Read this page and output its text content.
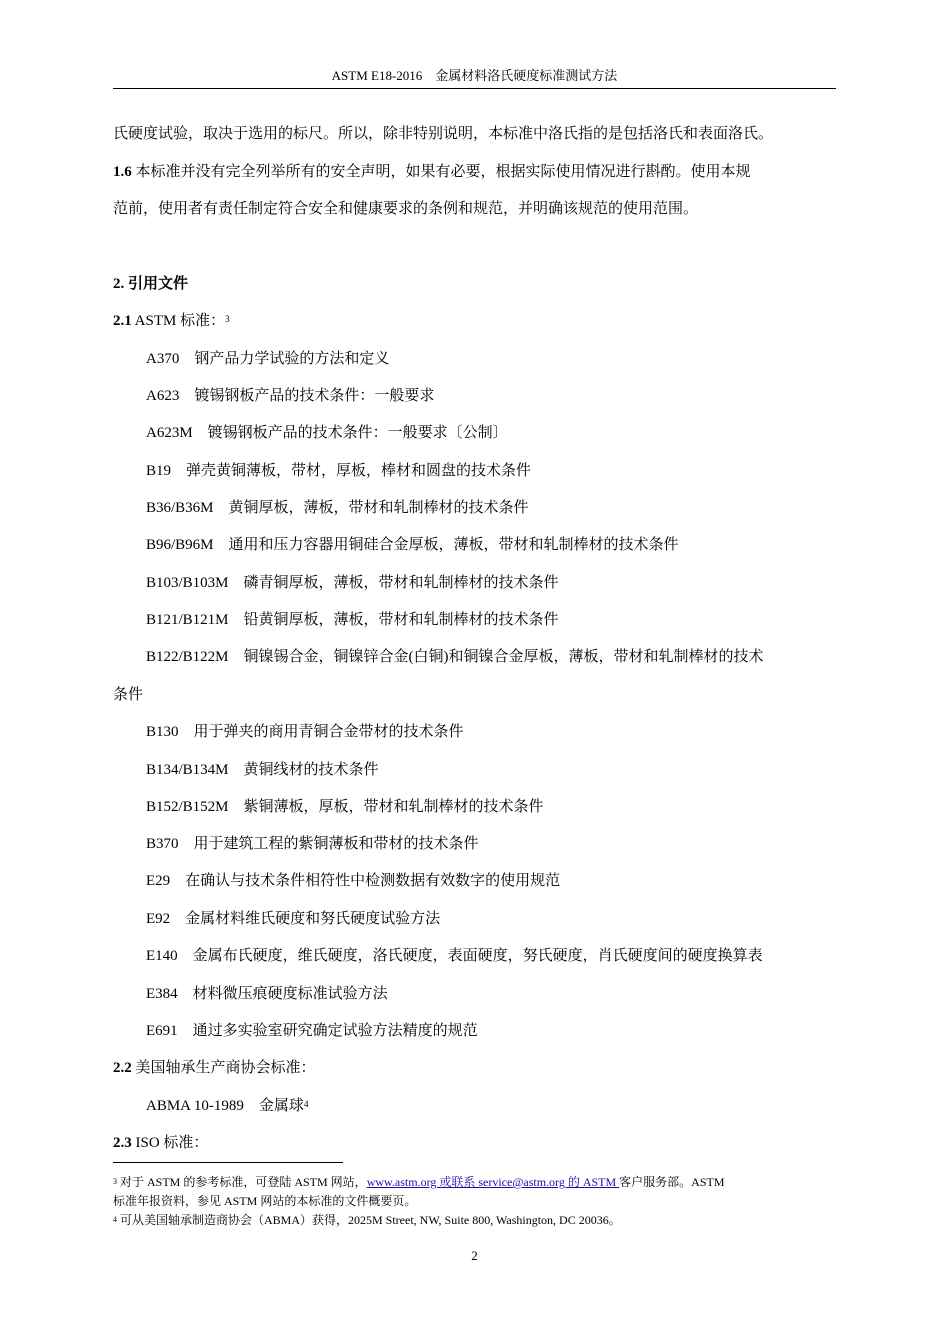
ASTM E18-2016　金属材料洛氏硬度标准测试方法
氏硬度试验，取决于选用的标尺。所以，除非特别说明，本标准中洛氏指的是包括洛氏和表面洛氏。
1.6 本标准并没有完全列举所有的安全声明，如果有必要，根据实际使用情况进行斟酌。使用本规
范前，使用者有责任制定符合安全和健康要求的条例和规范，并明确该规范的使用范围。
2. 引用文件
2.1 ASTM 标准：$^3$
A370　钢产品力学试验的方法和定义
A623　镀锡钢板产品的技术条件：一般要求
A623M　镀锡钢板产品的技术条件：一般要求〔公制〕
B19　弹壳黄铜薄板，带材，厚板，棒材和圆盘的技术条件
B36/B36M　黄铜厚板，薄板，带材和轧制棒材的技术条件
B96/B96M　通用和压力容器用铜硅合金厚板，薄板，带材和轧制棒材的技术条件
B103/B103M　磷青铜厚板，薄板，带材和轧制棒材的技术条件
B121/B121M　铅黄铜厚板，薄板，带材和轧制棒材的技术条件
B122/B122M　铜镍锡合金，铜镍锌合金(白铜)和铜镍合金厚板，薄板，带材和轧制棒材的技术
条件
B130　用于弹夹的商用青铜合金带材的技术条件
B134/B134M　黄铜线材的技术条件
B152/B152M　紫铜薄板，厚板，带材和轧制棒材的技术条件
B370　用于建筑工程的紫铜薄板和带材的技术条件
E29　在确认与技术条件相符性中检测数据有效数字的使用规范
E92　金属材料维氏硬度和努氏硬度试验方法
E140　金属布氏硬度，维氏硬度，洛氏硬度，表面硬度，努氏硬度，肖氏硬度间的硬度换算表
E384　材料微压痕硬度标准试验方法
E691　通过多实验室研究确定试验方法精度的规范
2.2 美国轴承生产商协会标准：
ABMA 10-1989　金属球$^4$
2.3 ISO 标准：
$^3$ 对于 ASTM 的参考标准，可登陆 ASTM 网站，www.astm.org 或联系 service@astm.org 的 ASTM 客户服务部。ASTM
标准年报资料，参见 ASTM 网站的本标准的文件概要页。
$^4$ 可从美国轴承制造商协会（ABMA）获得，2025M Street, NW, Suite 800, Washington, DC 20036。
2
